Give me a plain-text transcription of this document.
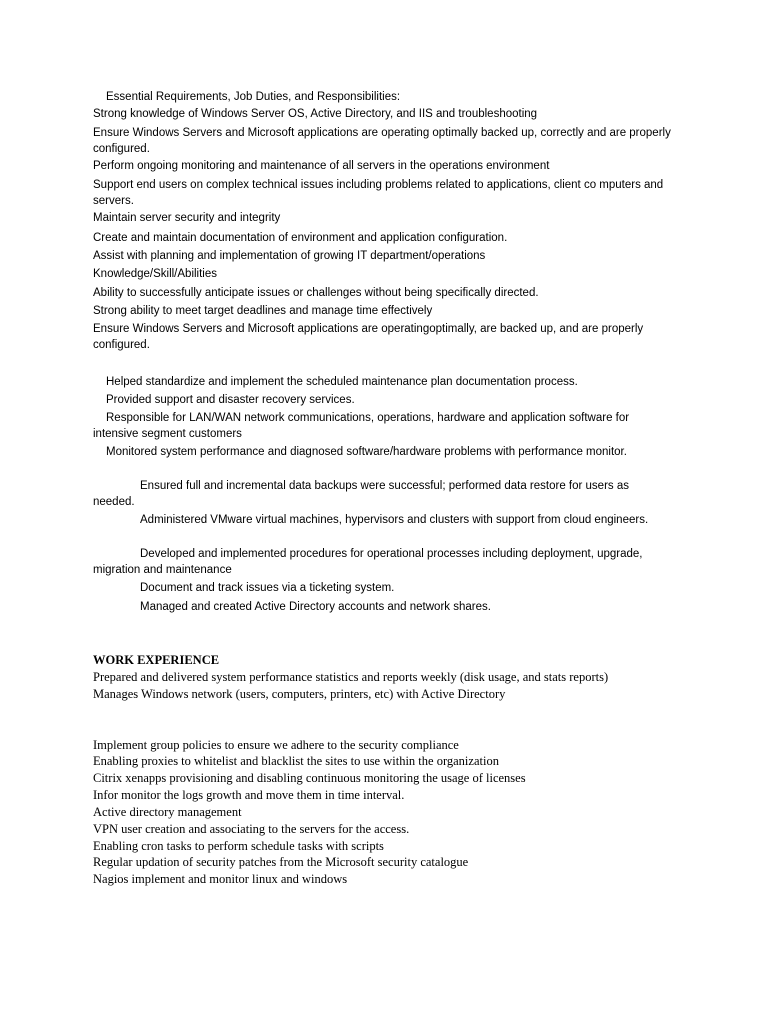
Essential Requirements, Job Duties, and Responsibilities:

Strong knowledge of Windows Server OS, Active Directory, and IIS and troubleshooting

Ensure Windows Servers and Microsoft applications are operating optimally backed up, correctly and are properly configured.

Perform ongoing monitoring and maintenance of all servers in the operations environment

Support end users on complex technical issues including problems related to applications, client co mputers and servers.

Maintain server security and integrity

Create and maintain documentation of environment and application configuration.

Assist with planning and implementation of growing IT department/operations

Knowledge/Skill/Abilities

Ability to successfully anticipate issues or challenges without being specifically directed.

Strong ability to meet target deadlines and manage time effectively

Ensure Windows Servers and Microsoft applications are operatingoptimally, are backed up, and are properly configured.

Helped standardize and implement the scheduled maintenance plan documentation process.

Provided support and disaster recovery services.

Responsible for LAN/WAN network communications, operations, hardware and application software for intensive segment customers

Monitored system performance and diagnosed software/hardware problems with performance monitor.

Ensured full and incremental data backups were successful; performed data restore for users as needed.

Administered VMware virtual machines, hypervisors and clusters with support from cloud engineers.

Developed and implemented procedures for operational processes including deployment, upgrade, migration and maintenance

Document and track issues via a ticketing system.

Managed and created Active Directory accounts and network shares.

WORK EXPERIENCE

Prepared and delivered system performance statistics and reports weekly (disk usage, and stats reports)

Manages Windows network (users, computers, printers, etc) with Active Directory

Implement group policies to ensure we adhere to the security compliance

Enabling proxies to whitelist and blacklist the sites to use within the organization

Citrix xenapps provisioning and disabling continuous monitoring the usage of licenses

Infor monitor the logs growth and move them in time interval.

Active directory management

VPN user creation and associating to the servers for the access.

Enabling cron tasks to perform schedule tasks with scripts

Regular updation of security patches from the Microsoft security catalogue

Nagios implement and monitor linux and windows
